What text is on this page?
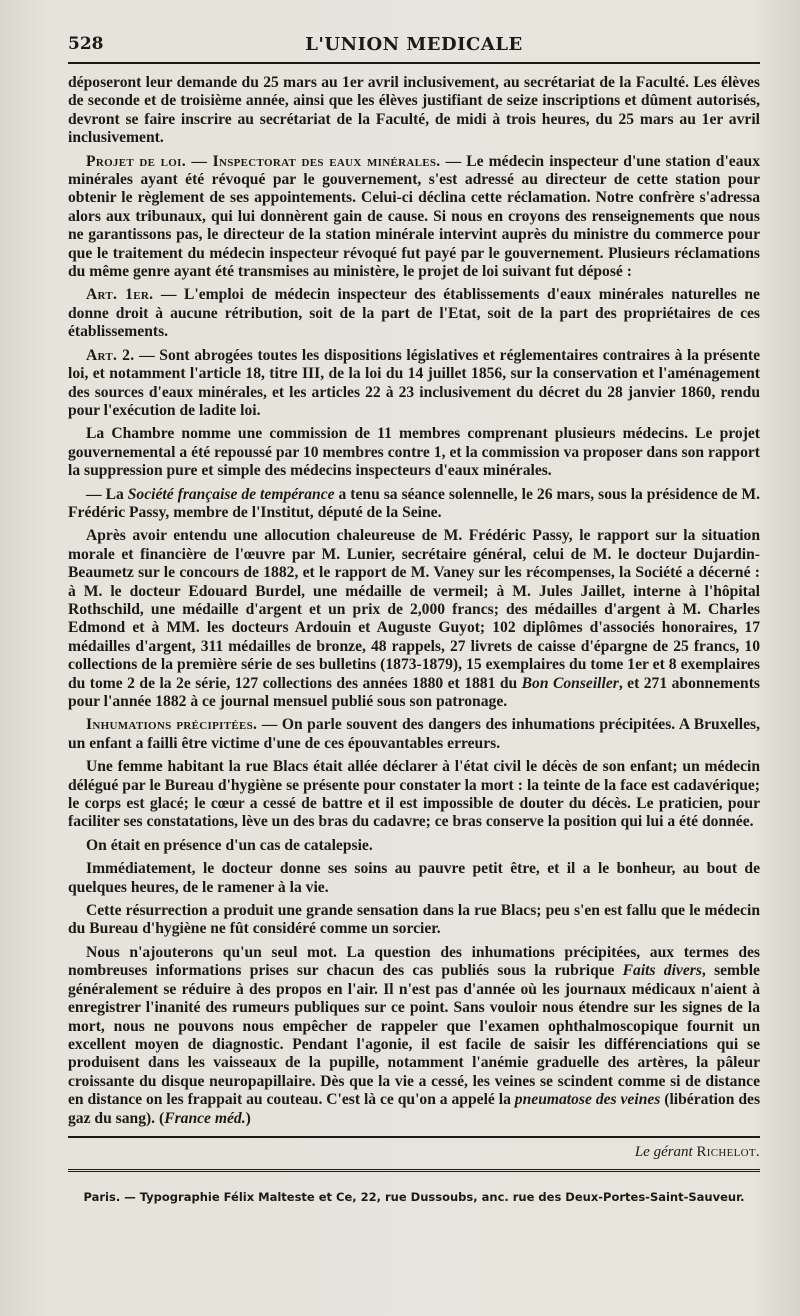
528	L'UNION MEDICALE

déposeront leur demande du 25 mars au 1er avril inclusivement, au secrétariat de la Faculté. Les élèves de seconde et de troisième année, ainsi que les élèves justifiant de seize inscriptions et dûment autorisés, devront se faire inscrire au secrétariat de la Faculté, de midi à trois heures, du 25 mars au 1er avril inclusivement.

Projet de loi. — Inspectorat des eaux minérales. — Le médecin inspecteur d'une station d'eaux minérales ayant été révoqué par le gouvernement, s'est adressé au directeur de cette station pour obtenir le règlement de ses appointements. Celui-ci déclina cette réclamation. Notre confrère s'adressa alors aux tribunaux, qui lui donnèrent gain de cause. Si nous en croyons des renseignements que nous ne garantissons pas, le directeur de la station minérale intervint auprès du ministre du commerce pour que le traitement du médecin inspecteur révoqué fut payé par le gouvernement. Plusieurs réclamations du même genre ayant été transmises au ministère, le projet de loi suivant fut déposé :

Art. 1er. — L'emploi de médecin inspecteur des établissements d'eaux minérales naturelles ne donne droit à aucune rétribution, soit de la part de l'Etat, soit de la part des propriétaires de ces établissements.

Art. 2. — Sont abrogées toutes les dispositions législatives et réglementaires contraires à la présente loi, et notamment l'article 18, titre III, de la loi du 14 juillet 1856, sur la conservation et l'aménagement des sources d'eaux minérales, et les articles 22 à 23 inclusivement du décret du 28 janvier 1860, rendu pour l'exécution de ladite loi.

La Chambre nomme une commission de 11 membres comprenant plusieurs médecins. Le projet gouvernemental a été repoussé par 10 membres contre 1, et la commission va proposer dans son rapport la suppression pure et simple des médecins inspecteurs d'eaux minérales.

— La Société française de tempérance a tenu sa séance solennelle, le 26 mars, sous la présidence de M. Frédéric Passy, membre de l'Institut, député de la Seine.

Après avoir entendu une allocution chaleureuse de M. Frédéric Passy, le rapport sur la situation morale et financière de l'œuvre par M. Lunier, secrétaire général, celui de M. le docteur Dujardin-Beaumetz sur le concours de 1882, et le rapport de M. Vaney sur les récompenses, la Société a décerné : à M. le docteur Edouard Burdel, une médaille de vermeil; à M. Jules Jaillet, interne à l'hôpital Rothschild, une médaille d'argent et un prix de 2,000 francs; des médailles d'argent à M. Charles Edmond et à MM. les docteurs Ardouin et Auguste Guyot; 102 diplômes d'associés honoraires, 17 médailles d'argent, 311 médailles de bronze, 48 rappels, 27 livrets de caisse d'épargne de 25 francs, 10 collections de la première série de ses bulletins (1873-1879), 15 exemplaires du tome 1er et 8 exemplaires du tome 2 de la 2e série, 127 collections des années 1880 et 1881 du Bon Conseiller, et 271 abonnements pour l'année 1882 à ce journal mensuel publié sous son patronage.

Inhumations précipitées. — On parle souvent des dangers des inhumations précipitées. A Bruxelles, un enfant a failli être victime d'une de ces épouvantables erreurs.

Une femme habitant la rue Blacs était allée déclarer à l'état civil le décès de son enfant; un médecin délégué par le Bureau d'hygiène se présente pour constater la mort : la teinte de la face est cadavérique; le corps est glacé; le cœur a cessé de battre et il est impossible de douter du décès. Le praticien, pour faciliter ses constatations, lève un des bras du cadavre; ce bras conserve la position qui lui a été donnée.

On était en présence d'un cas de catalepsie.

Immédiatement, le docteur donne ses soins au pauvre petit être, et il a le bonheur, au bout de quelques heures, de le ramener à la vie.

Cette résurrection a produit une grande sensation dans la rue Blacs; peu s'en est fallu que le médecin du Bureau d'hygiène ne fût considéré comme un sorcier.

Nous n'ajouterons qu'un seul mot. La question des inhumations précipitées, aux termes des nombreuses informations prises sur chacun des cas publiés sous la rubrique Faits divers, semble généralement se réduire à des propos en l'air. Il n'est pas d'année où les journaux médicaux n'aient à enregistrer l'inanité des rumeurs publiques sur ce point. Sans vouloir nous étendre sur les signes de la mort, nous ne pouvons nous empêcher de rappeler que l'examen ophthalmoscopique fournit un excellent moyen de diagnostic. Pendant l'agonie, il est facile de saisir les différenciations qui se produisent dans les vaisseaux de la pupille, notamment l'anémie graduelle des artères, la pâleur croissante du disque neuropapillaire. Dès que la vie a cessé, les veines se scindent comme si de distance en distance on les frappait au couteau. C'est là ce qu'on a appelé la pneumatose des veines (libération des gaz du sang). (France méd.)

Le gérant Richelot.
Paris. — Typographie Félix Malteste et Ce, 22, rue Dussoubs, anc. rue des Deux-Portes-Saint-Sauveur.
